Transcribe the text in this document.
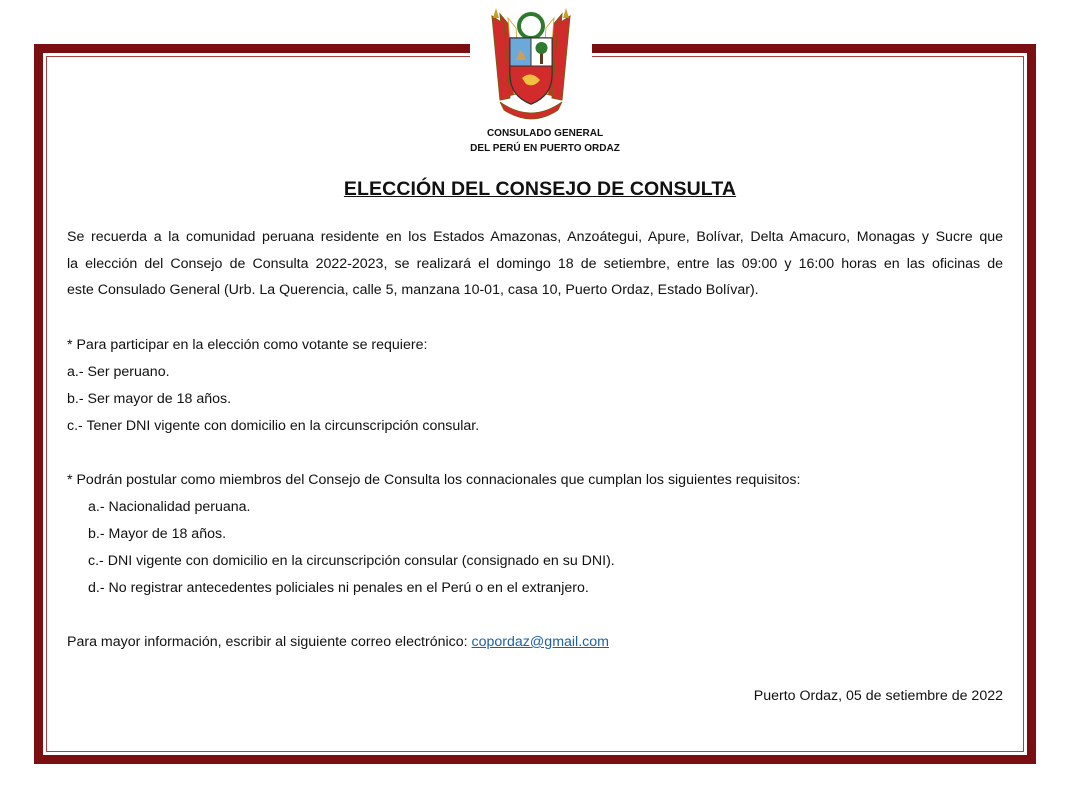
CONSULADO GENERAL
DEL PERÚ EN PUERTO ORDAZ
ELECCIÓN DEL CONSEJO DE CONSULTA
Se recuerda a la comunidad peruana residente en los Estados Amazonas, Anzoátegui, Apure, Bolívar, Delta Amacuro, Monagas y Sucre que
la elección del Consejo de Consulta 2022-2023, se realizará el domingo 18 de setiembre, entre las 09:00 y 16:00 horas en las oficinas de
este Consulado General (Urb. La Querencia, calle 5, manzana 10-01, casa 10, Puerto Ordaz, Estado Bolívar).
* Para participar en la elección como votante se requiere:
a.- Ser peruano.
b.- Ser mayor de 18 años.
c.- Tener DNI vigente con domicilio en la circunscripción consular.
* Podrán postular como miembros del Consejo de Consulta los connacionales que cumplan los siguientes requisitos:
a.- Nacionalidad peruana.
b.- Mayor de 18 años.
c.- DNI vigente con domicilio en la circunscripción consular (consignado en su DNI).
d.- No registrar antecedentes policiales ni penales en el Perú o en el extranjero.
Para mayor información, escribir al siguiente correo electrónico: copordaz@gmail.com
Puerto Ordaz, 05 de setiembre de 2022
